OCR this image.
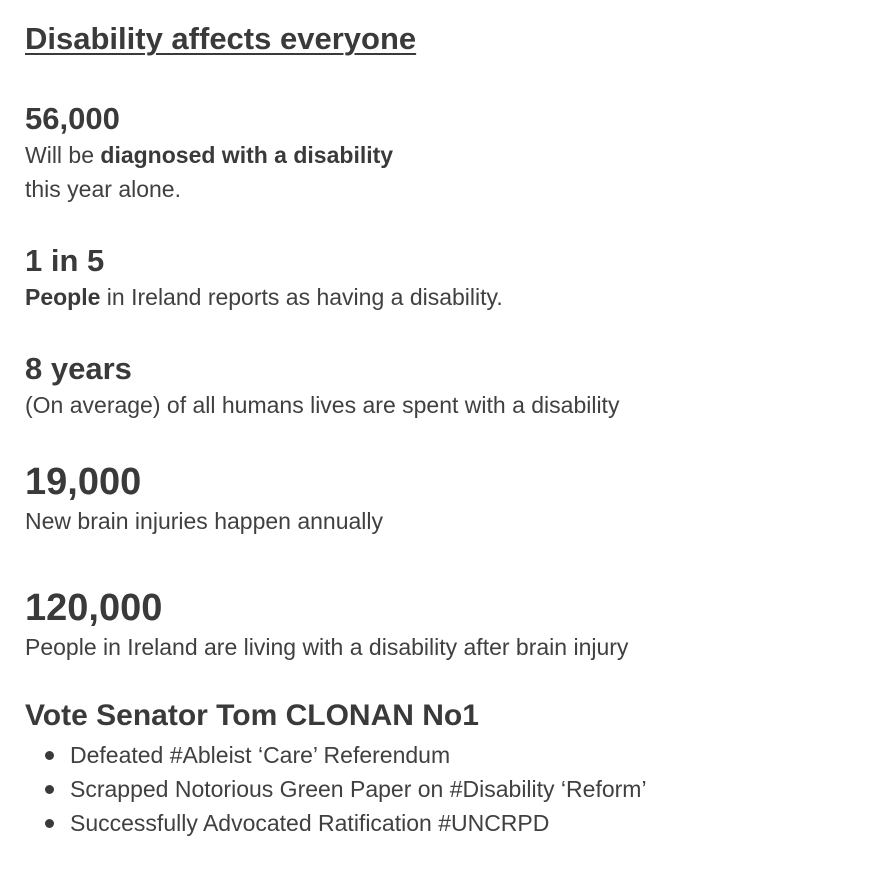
Disability affects everyone
56,000
Will be diagnosed with a disability
this year alone.
1 in 5
People in Ireland reports as having a disability.
8 years
(On average) of all humans lives are spent with a disability
19,000
New brain injuries happen annually
120,000
People in Ireland are living with a disability after brain injury
Vote Senator Tom CLONAN No1
Defeated #Ableist ‘Care’ Referendum
Scrapped Notorious Green Paper on #Disability ‘Reform’
Successfully Advocated Ratification #UNCRPD
